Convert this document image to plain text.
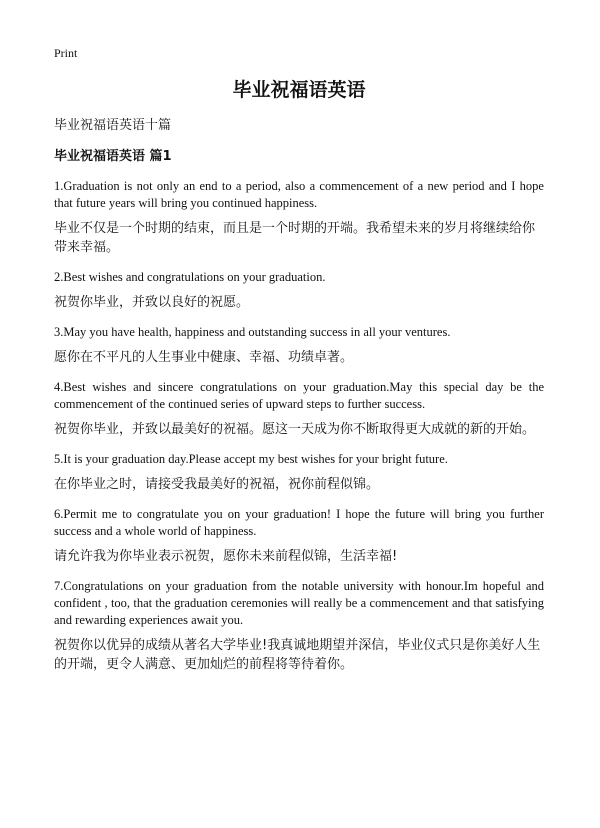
Print
毕业祝福语英语
毕业祝福语英语十篇
毕业祝福语英语 篇1
1.Graduation is not only an end to a period, also a commencement of a new period and I hope that future years will bring you continued happiness.
毕业不仅是一个时期的结束，而且是一个时期的开端。我希望未来的岁月将继续给你带来幸福。
2.Best wishes and congratulations on your graduation.
祝贺你毕业，并致以良好的祝愿。
3.May you have health, happiness and outstanding success in all your ventures.
愿你在不平凡的人生事业中健康、幸福、功绩卓著。
4.Best wishes and sincere congratulations on your graduation.May this special day be the commencement of the continued series of upward steps to further success.
祝贺你毕业，并致以最美好的祝福。愿这一天成为你不断取得更大成就的新的开始。
5.It is your graduation day.Please accept my best wishes for your bright future.
在你毕业之时，请接受我最美好的祝福，祝你前程似锦。
6.Permit me to congratulate you on your graduation! I hope the future will bring you further success and a whole world of happiness.
请允许我为你毕业表示祝贺，愿你未来前程似锦，生活幸福!
7.Congratulations on your graduation from the notable university with honour.Im hopeful and confident , too, that the graduation ceremonies will really be a commencement and that satisfying and rewarding experiences await you.
祝贺你以优异的成绩从著名大学毕业!我真诚地期望并深信，毕业仪式只是你美好人生的开端，更令人满意、更加灿烂的前程将等待着你。
